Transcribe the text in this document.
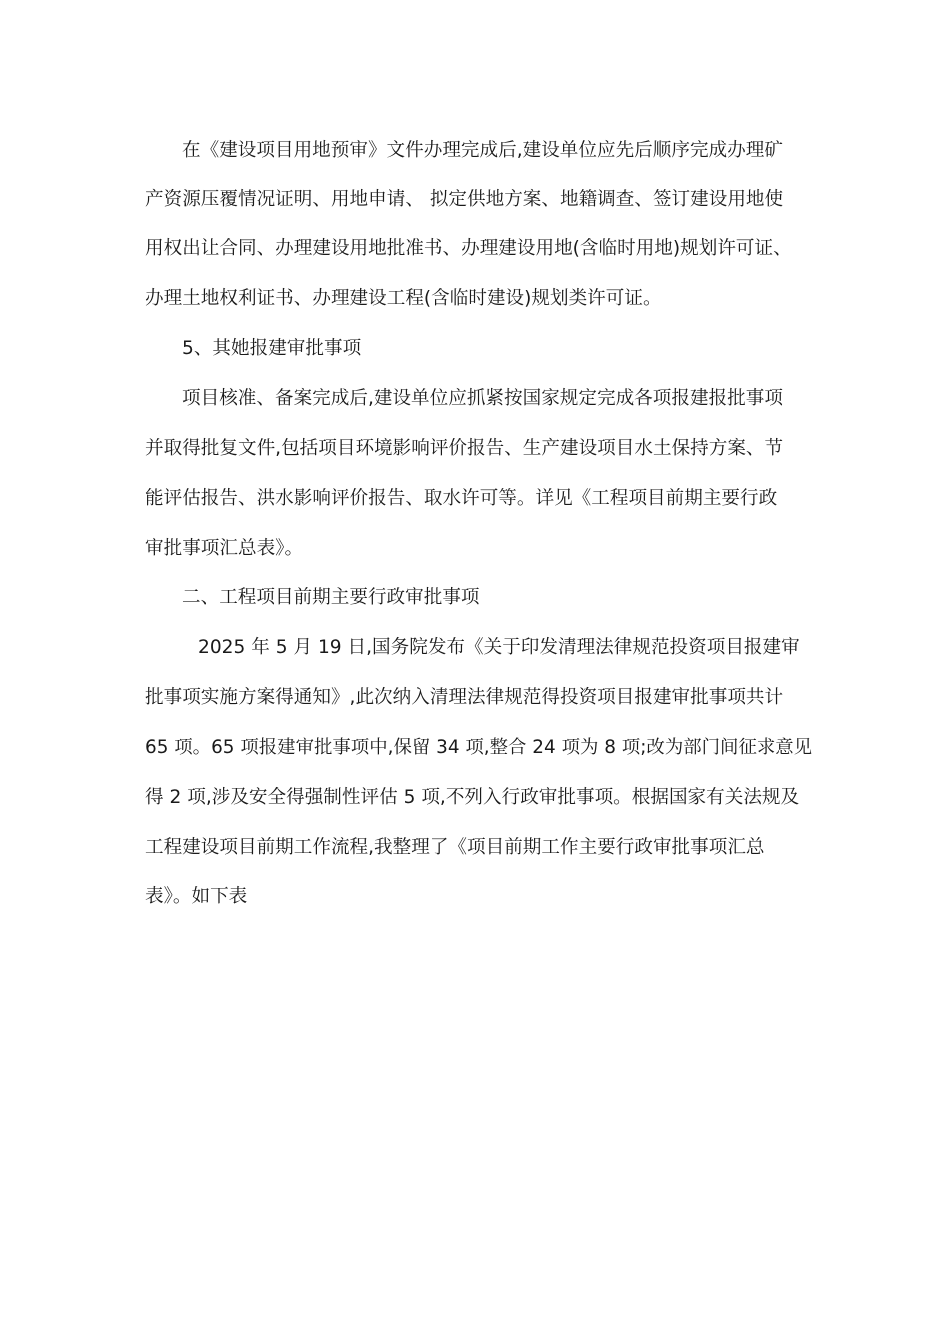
在《建设项目用地预审》文件办理完成后,建设单位应先后顺序完成办理矿
产资源压覆情况证明、用地申请、 拟定供地方案、地籍调查、签订建设用地使
用权出让合同、办理建设用地批准书、办理建设用地(含临时用地)规划许可证、
办理土地权利证书、办理建设工程(含临时建设)规划类许可证。
5、其她报建审批事项
项目核准、备案完成后,建设单位应抓紧按国家规定完成各项报建报批事项
并取得批复文件,包括项目环境影响评价报告、生产建设项目水土保持方案、节
能评估报告、洪水影响评价报告、取水许可等。详见《工程项目前期主要行政
审批事项汇总表》。
二、工程项目前期主要行政审批事项
2025 年 5 月 19 日,国务院发布《关于印发清理法律规范投资项目报建审
批事项实施方案得通知》,此次纳入清理法律规范得投资项目报建审批事项共计
65 项。65 项报建审批事项中,保留 34 项,整合 24 项为 8 项;改为部门间征求意见
得 2 项,涉及安全得强制性评估 5 项,不列入行政审批事项。根据国家有关法规及
工程建设项目前期工作流程,我整理了《项目前期工作主要行政审批事项汇总
表》。如下表
